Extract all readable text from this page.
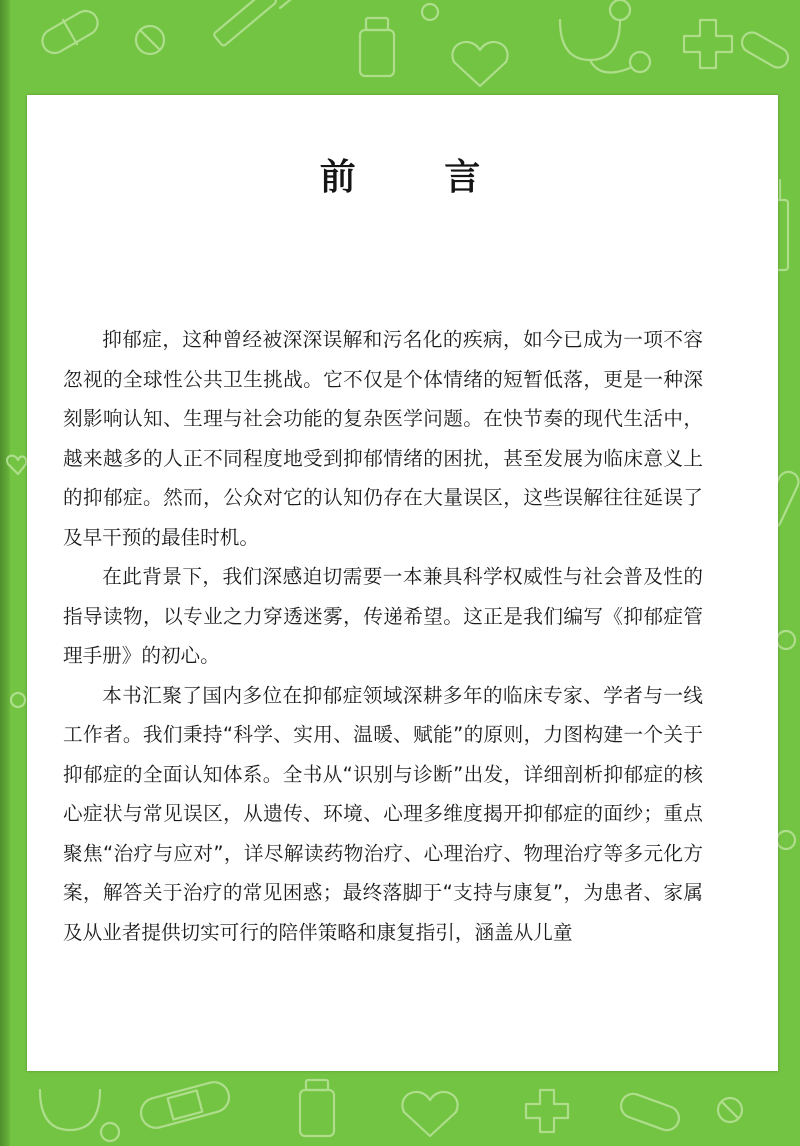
前 言

抑郁症，这种曾经被深深误解和污名化的疾病，如今已成为一项不容忽视的全球性公共卫生挑战。它不仅是个体情绪的短暂低落，更是一种深刻影响认知、生理与社会功能的复杂医学问题。在快节奏的现代生活中，越来越多的人正不同程度地受到抑郁情绪的困扰，甚至发展为临床意义上的抑郁症。然而，公众对它的认知仍存在大量误区，这些误解往往延误了及早干预的最佳时机。

在此背景下，我们深感迫切需要一本兼具科学权威性与社会普及性的指导读物，以专业之力穿透迷雾，传递希望。这正是我们编写《抑郁症管理手册》的初心。

本书汇聚了国内多位在抑郁症领域深耕多年的临床专家、学者与一线工作者。我们秉持“科学、实用、温暖、赋能”的原则，力图构建一个关于抑郁症的全面认知体系。全书从“识别与诊断”出发，详细剖析抑郁症的核心症状与常见误区，从遗传、环境、心理多维度揭开抑郁症的面纱；重点聚焦“治疗与应对”，详尽解读药物治疗、心理治疗、物理治疗等多元化方案，解答关于治疗的常见困惑；最终落脚于“支持与康复”，为患者、家属及从业者提供切实可行的陪伴策略和康复指引，涵盖从儿童
